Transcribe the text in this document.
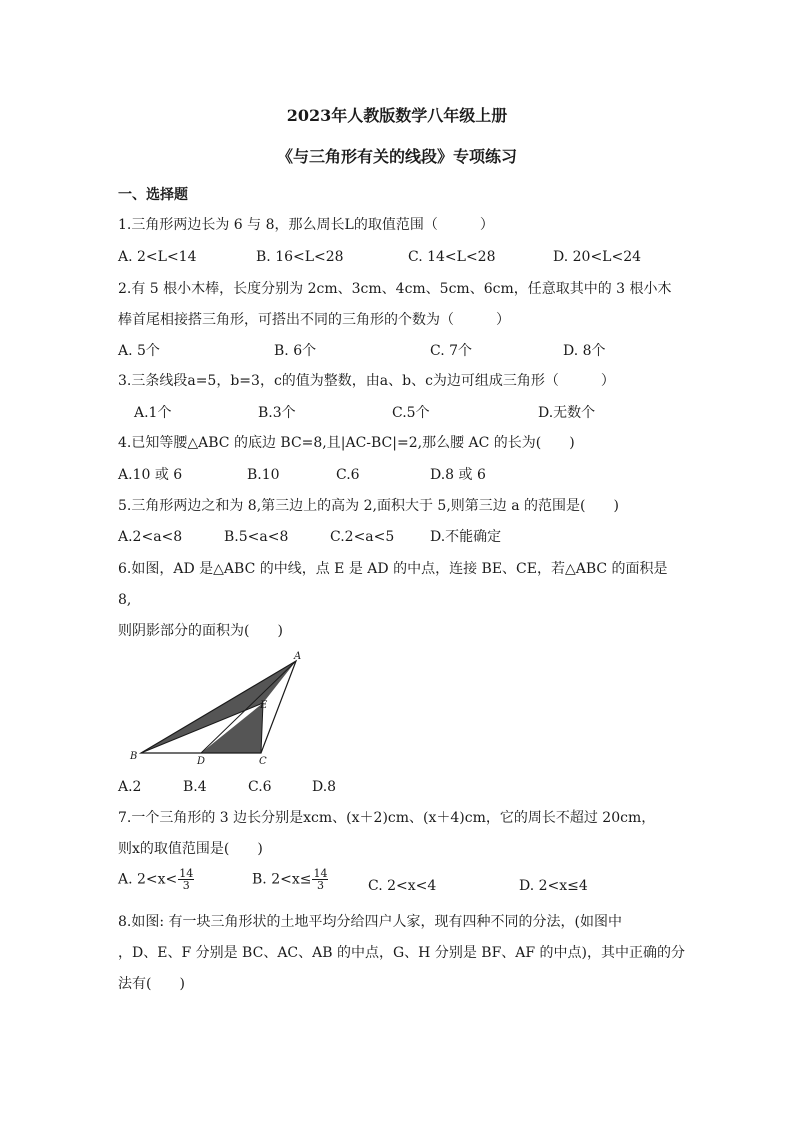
2023年人教版数学八年级上册
《与三角形有关的线段》专项练习
一、选择题
1.三角形两边长为 6 与 8，那么周长L的取值范围（　　　）
A. 2<L<14	B. 16<L<28	C. 14<L<28	D. 20<L<24
2.有 5 根小木棒，长度分别为 2cm、3cm、4cm、5cm、6cm，任意取其中的 3 根小木
棒首尾相接搭三角形，可搭出不同的三角形的个数为（　　　）
A. 5个	B. 6个	C. 7个	D. 8个
3.三条线段a=5，b=3，c的值为整数，由a、b、c为边可组成三角形（　　　）
A.1个	B.3个	C.5个	D.无数个
4.已知等腰△ABC 的底边 BC=8,且|AC-BC|=2,那么腰 AC 的长为(　　)
A.10 或 6	B.10	C.6	D.8 或 6
5.三角形两边之和为 8,第三边上的高为 2,面积大于 5,则第三边 a 的范围是(　　)
A.2<a<8	B.5<a<8	C.2<a<5	D.不能确定
6.如图，AD 是△ABC 的中线，点 E 是 AD 的中点，连接 BE、CE，若△ABC 的面积是
8,
则阴影部分的面积为(　　)
A
B	C
D
E
A.2	B.4	C.6	D.8
7.一个三角形的 3 边长分别是xcm、(x＋2)cm、(x＋4)cm，它的周长不超过 20cm，
则x的取值范围是(　　)
A. $2<x< \frac{14}{3}$	B. $2<x\le \frac{14}{3}$	C. 2<x<4	D. 2<x≤4
8.如图: 有一块三角形状的土地平均分给四户人家，现有四种不同的分法，(如图中
，D、E、F 分别是 BC、AC、AB 的中点，G、H 分别是 BF、AF 的中点)，其中正确的分
法有(　　)
